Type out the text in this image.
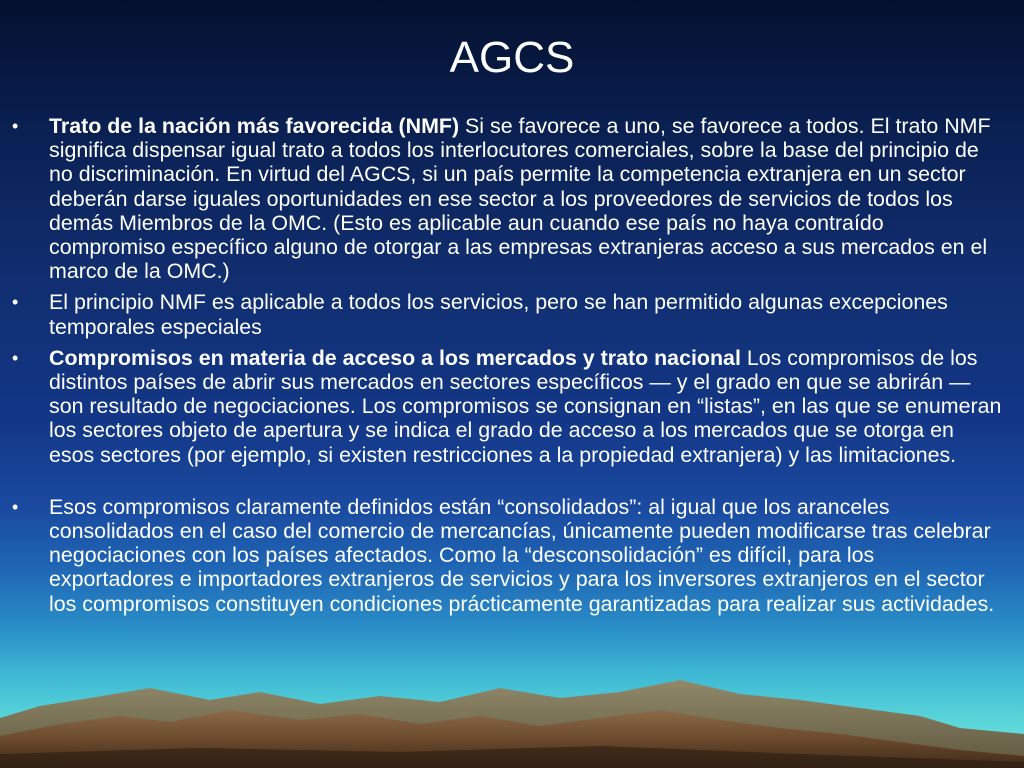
AGCS
•	Trato de la nación más favorecida (NMF) Si se favorece a uno, se favorece a todos. El trato NMF significa dispensar igual trato a todos los interlocutores comerciales, sobre la base del principio de no discriminación. En virtud del AGCS, si un país permite la competencia extranjera en un sector deberán darse iguales oportunidades en ese sector a los proveedores de servicios de todos los demás Miembros de la OMC. (Esto es aplicable aun cuando ese país no haya contraído compromiso específico alguno de otorgar a las empresas extranjeras acceso a sus mercados en el marco de la OMC.)
•	El principio NMF es aplicable a todos los servicios, pero se han permitido algunas excepciones temporales especiales
•	Compromisos en materia de acceso a los mercados y trato nacional Los compromisos de los distintos países de abrir sus mercados en sectores específicos — y el grado en que se abrirán — son resultado de negociaciones. Los compromisos se consignan en “listas”, en las que se enumeran los sectores objeto de apertura y se indica el grado de acceso a los mercados que se otorga en esos sectores (por ejemplo, si existen restricciones a la propiedad extranjera) y las limitaciones.
•	Esos compromisos claramente definidos están “consolidados”: al igual que los aranceles consolidados en el caso del comercio de mercancías, únicamente pueden modificarse tras celebrar negociaciones con los países afectados. Como la “desconsolidación” es difícil, para los exportadores e importadores extranjeros de servicios y para los inversores extranjeros en el sector los compromisos constituyen condiciones prácticamente garantizadas para realizar sus actividades.
